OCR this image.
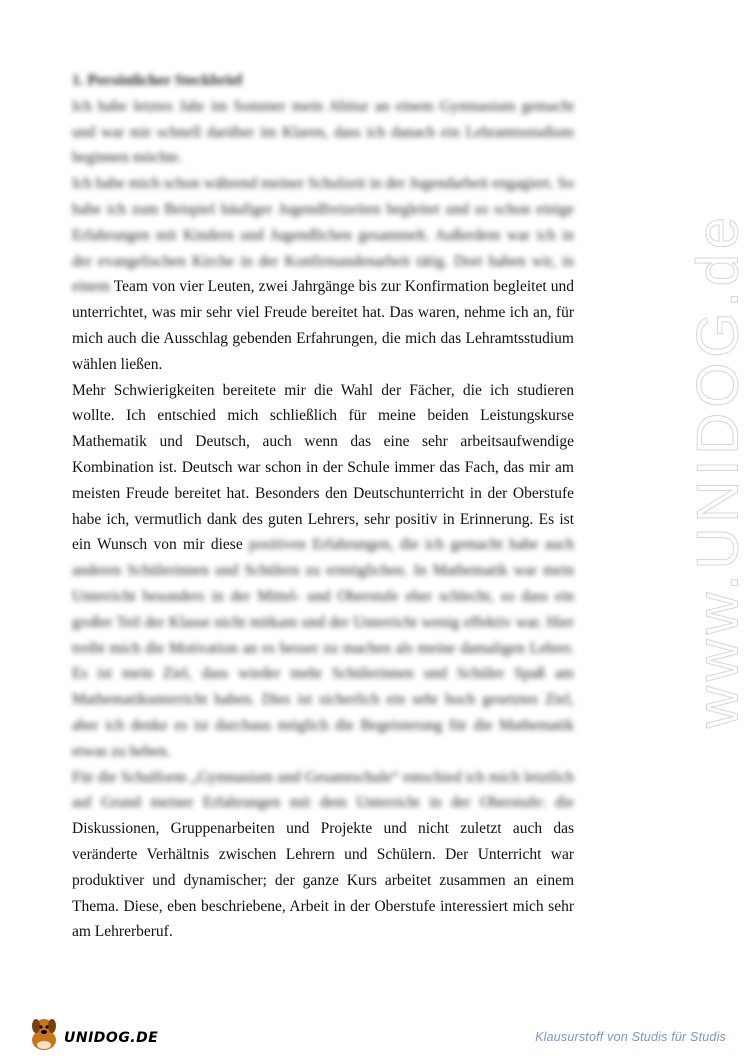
www.UNIDOG.de

1. Persönlicher Steckbrief

Ich habe letztes Jahr im Sommer mein Abitur an einem Gymnasium gemacht und war mir schnell darüber im Klaren, dass ich danach ein Lehramtsstudium beginnen möchte.

Ich habe mich schon während meiner Schulzeit in der Jugendarbeit engagiert. So habe ich zum Beispiel häufiger Jugendfreizeiten begleitet und so schon einige Erfahrungen mit Kindern und Jugendlichen gesammelt. Außerdem war ich in der evangelischen Kirche in der Konfirmandenarbeit tätig. Dort haben wir, in einem Team von vier Leuten, zwei Jahrgänge bis zur Konfirmation begleitet und unterrichtet, was mir sehr viel Freude bereitet hat. Das waren, nehme ich an, für mich auch die Ausschlag gebenden Erfahrungen, die mich das Lehramtsstudium wählen ließen.

Mehr Schwierigkeiten bereitete mir die Wahl der Fächer, die ich studieren wollte. Ich entschied mich schließlich für meine beiden Leistungskurse Mathematik und Deutsch, auch wenn das eine sehr arbeitsaufwendige Kombination ist. Deutsch war schon in der Schule immer das Fach, das mir am meisten Freude bereitet hat. Besonders den Deutschunterricht in der Oberstufe habe ich, vermutlich dank des guten Lehrers, sehr positiv in Erinnerung. Es ist ein Wunsch von mir diese positiven Erfahrungen, die ich gemacht habe auch anderen Schülerinnen und Schülern zu ermöglichen. In Mathematik war mein Unterricht besonders in der Mittel- und Oberstufe eher schlecht, so dass ein großer Teil der Klasse nicht mitkam und der Unterricht wenig effektiv war. Hier treibt mich die Motivation an es besser zu machen als meine damaligen Lehrer. Es ist mein Ziel, dass wieder mehr Schülerinnen und Schüler Spaß am Mathematikunterricht haben. Dies ist sicherlich ein sehr hoch gesetztes Ziel, aber ich denke es ist durchaus möglich die Begeisterung für die Mathematik etwas zu heben.

Für die Schulform „Gymnasium und Gesamtschule“ entschied ich mich letztlich auf Grund meiner Erfahrungen mit dem Unterricht in der Oberstufe: die Diskussionen, Gruppenarbeiten und Projekte und nicht zuletzt auch das veränderte Verhältnis zwischen Lehrern und Schülern. Der Unterricht war produktiver und dynamischer; der ganze Kurs arbeitet zusammen an einem Thema. Diese, eben beschriebene, Arbeit in der Oberstufe interessiert mich sehr am Lehrerberuf.

UNIDOG.DE	Klausurstoff von Studis für Studis
